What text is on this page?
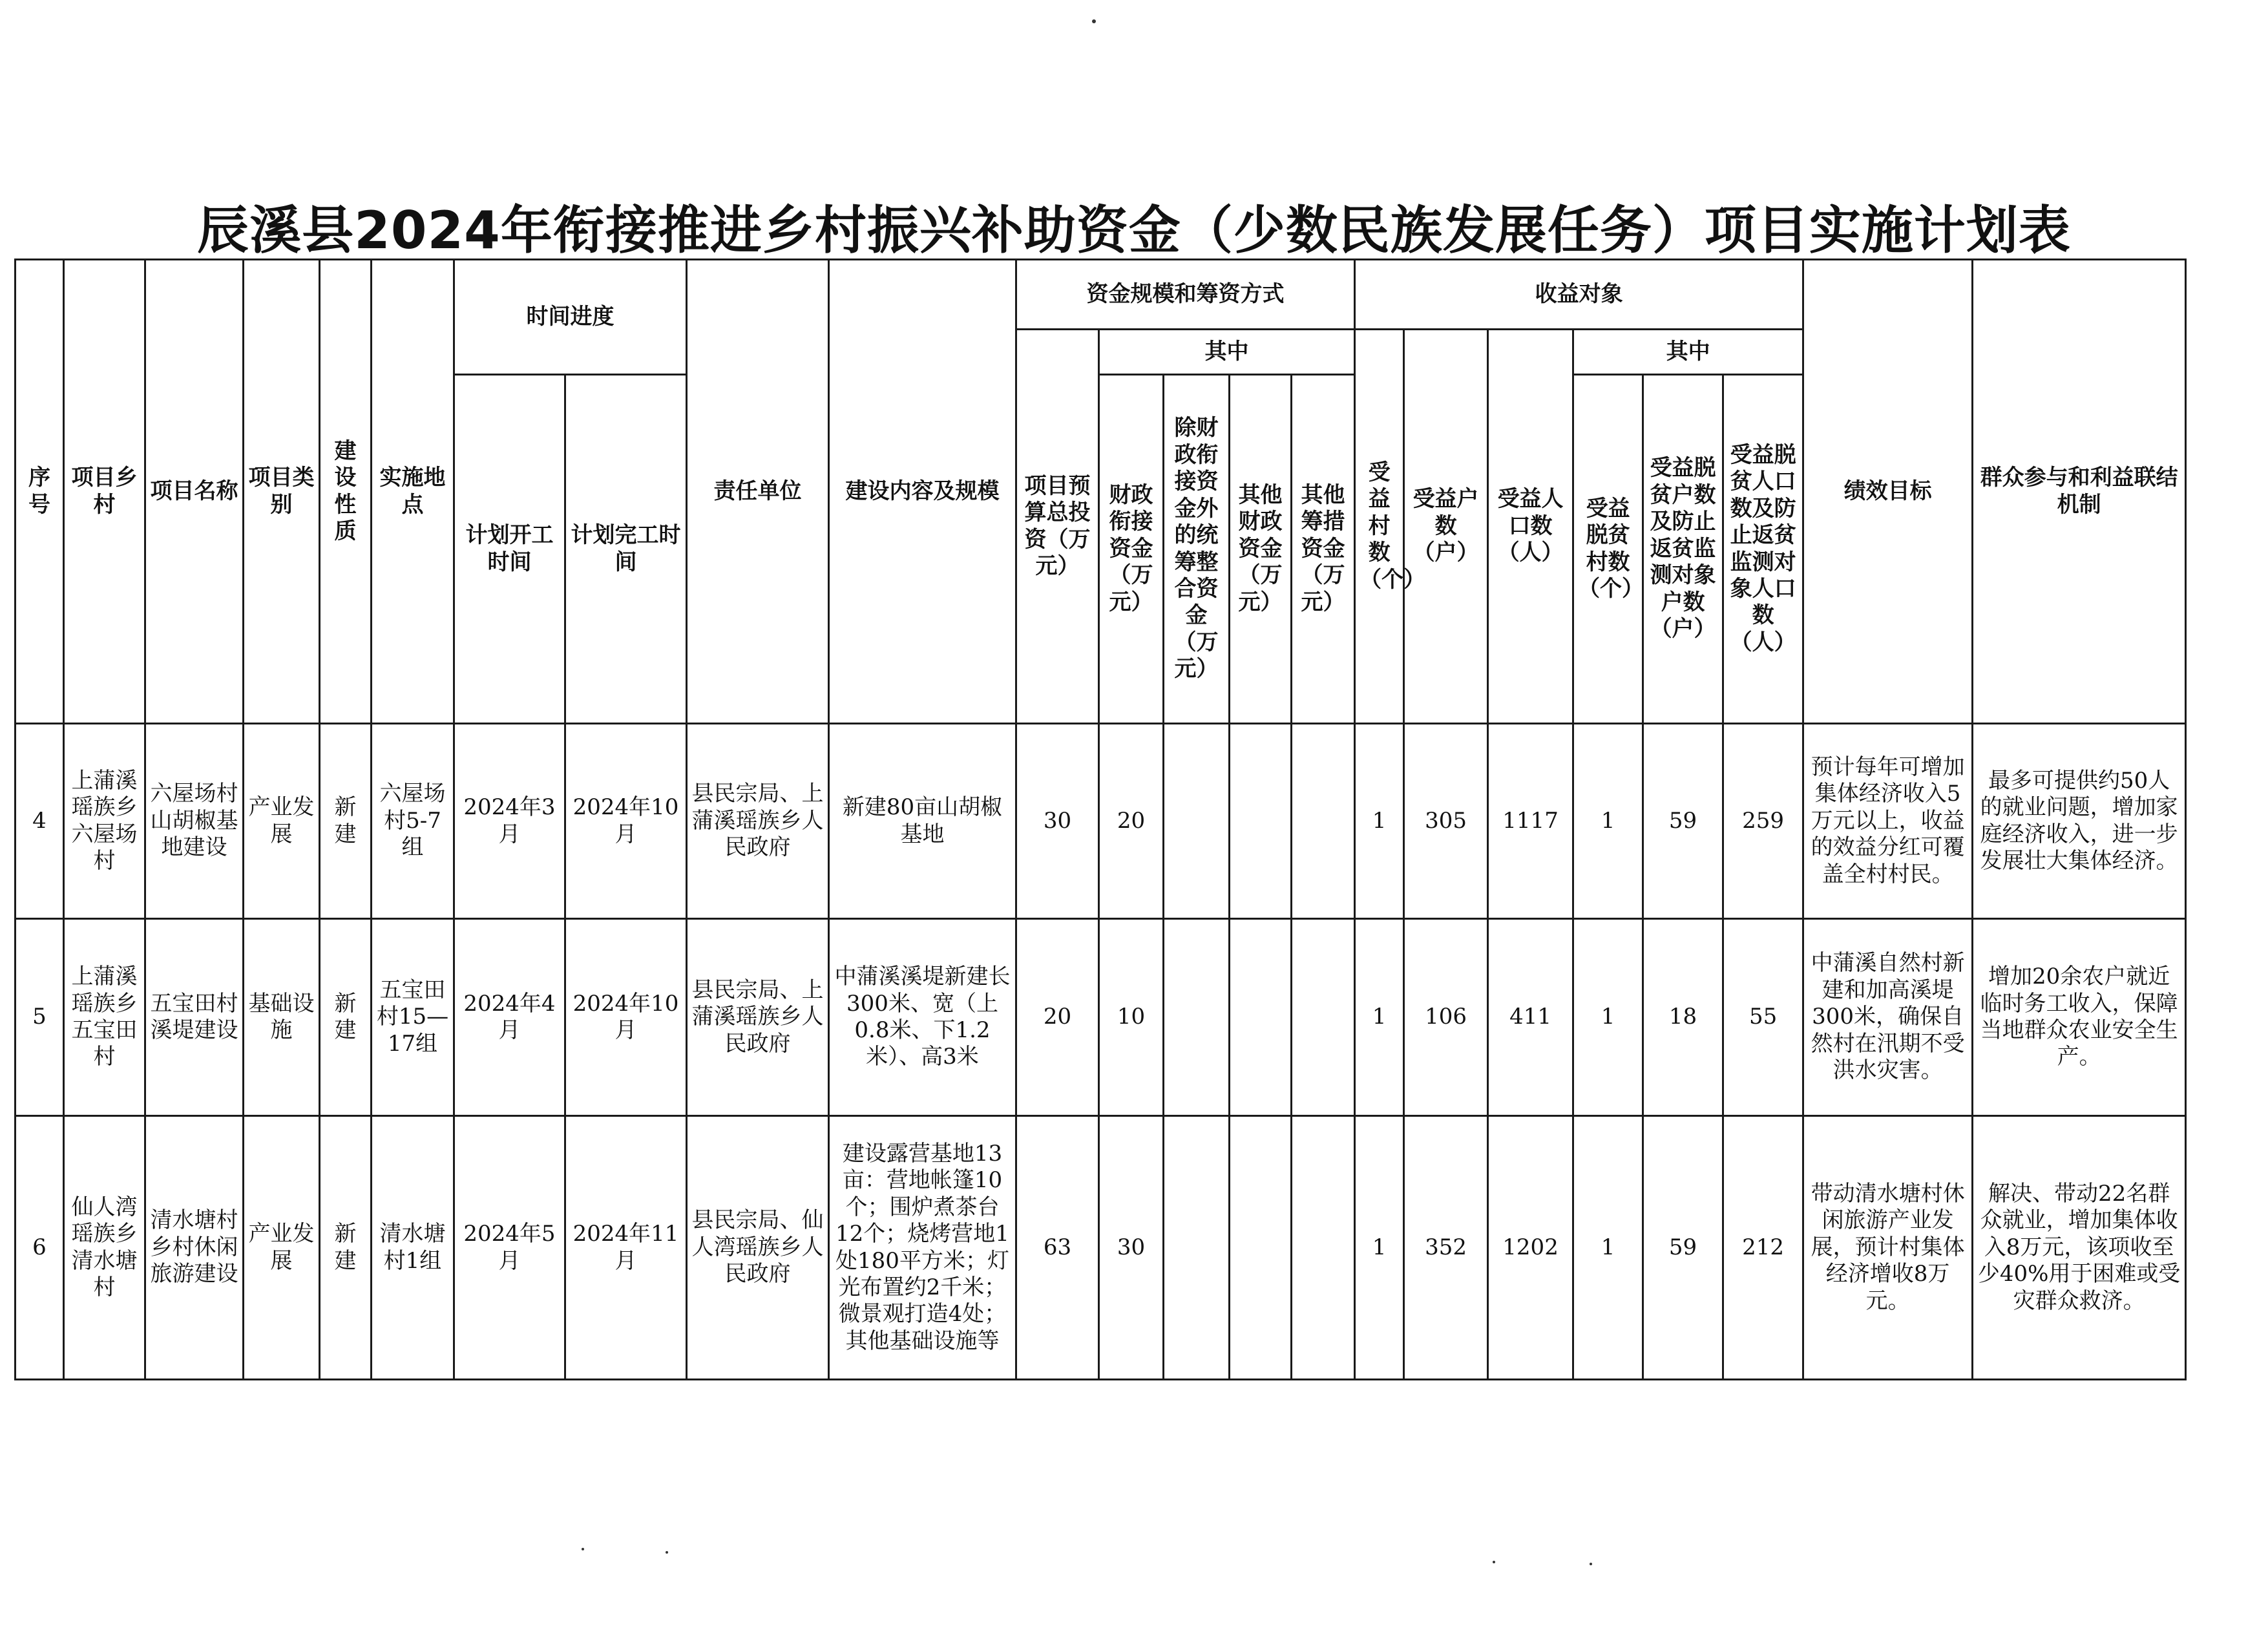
辰溪县2024年衔接推进乡村振兴补助资金（少数民族发展任务）项目实施计划表
序号	项目乡村	项目名称	项目类别	建设性质	实施地点	时间进度		责任单位	建设内容及规模	资金规模和筹资方式					收益对象						绩效目标	群众参与和利益联结机制
										项目预算总投资（万元）	其中				受益村数（个）	受益户数（户）	受益人口数（人）	其中				
						计划开工时间	计划完工时间				财政衔接资金（万元）	除财政衔接资金外的统筹整合资金（万元）	其他财政资金（万元）	其他筹措资金（万元）				受益脱贫村数（个）	受益脱贫户数及防止返贫监测对象户数（户）	受益脱贫人口数及防止返贫监测对象人口数（人）		
4	上蒲溪瑶族乡六屋场村	六屋场村山胡椒基地建设	产业发展	新建	六屋场村5-7组	2024年3月	2024年10月	县民宗局、上蒲溪瑶族乡人民政府	新建80亩山胡椒基地	30	20				1	305	1117	1	59	259	预计每年可增加集体经济收入5万元以上，收益的效益分红可覆盖全村村民。	最多可提供约50人的就业问题，增加家庭经济收入，进一步发展壮大集体经济。
5	上蒲溪瑶族乡五宝田村	五宝田村溪堤建设	基础设施	新建	五宝田村15—17组	2024年4月	2024年10月	县民宗局、上蒲溪瑶族乡人民政府	中蒲溪溪堤新建长300米、宽（上0.8米、下1.2米）、高3米	20	10				1	106	411	1	18	55	中蒲溪自然村新建和加高溪堤300米，确保自然村在汛期不受洪水灾害。	增加20余农户就近临时务工收入，保障当地群众农业安全生产。
6	仙人湾瑶族乡清水塘村	清水塘村乡村休闲旅游建设	产业发展	新建	清水塘村1组	2024年5月	2024年11月	县民宗局、仙人湾瑶族乡人民政府	建设露营基地13亩：营地帐篷10个；围炉煮茶台12个；烧烤营地1处180平方米；灯光布置约2千米；微景观打造4处；其他基础设施等	63	30				1	352	1202	1	59	212	带动清水塘村休闲旅游产业发展，预计村集体经济增收8万元。	解决、带动22名群众就业，增加集体收入8万元，该项收至少40%用于困难或受灾群众救济。
